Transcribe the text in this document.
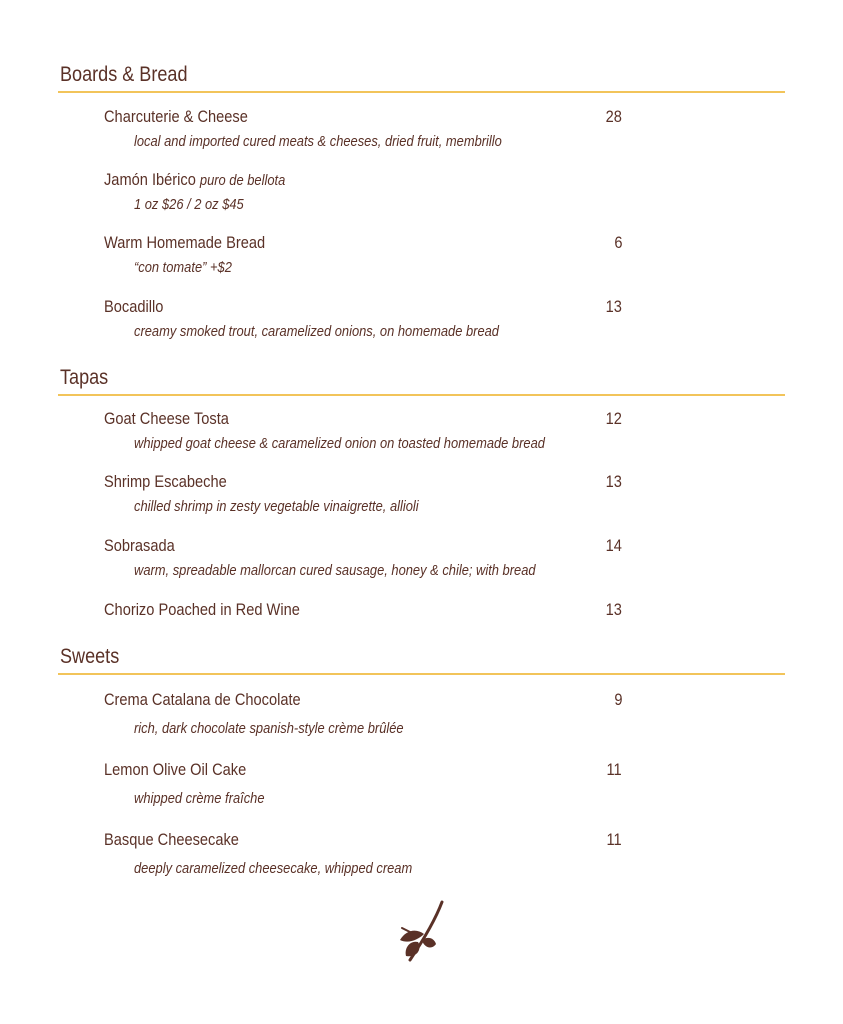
Boards & Bread
Charcuterie & Cheese	28
local and imported cured meats & cheeses, dried fruit, membrillo
Jamón Ibérico puro de bellota
1 oz $26 / 2 oz $45
Warm Homemade Bread	6
“con tomate” +$2
Bocadillo	13
creamy smoked trout, caramelized onions, on homemade bread
Tapas
Goat Cheese Tosta	12
whipped goat cheese & caramelized onion on toasted homemade bread
Shrimp Escabeche	13
chilled shrimp in zesty vegetable vinaigrette, allioli
Sobrasada	14
warm, spreadable mallorcan cured sausage, honey & chile; with bread
Chorizo Poached in Red Wine	13
Sweets
Crema Catalana de Chocolate	9
rich, dark chocolate spanish-style crème brûlée
Lemon Olive Oil Cake	11
whipped crème fraîche
Basque Cheesecake	11
deeply caramelized cheesecake, whipped cream
